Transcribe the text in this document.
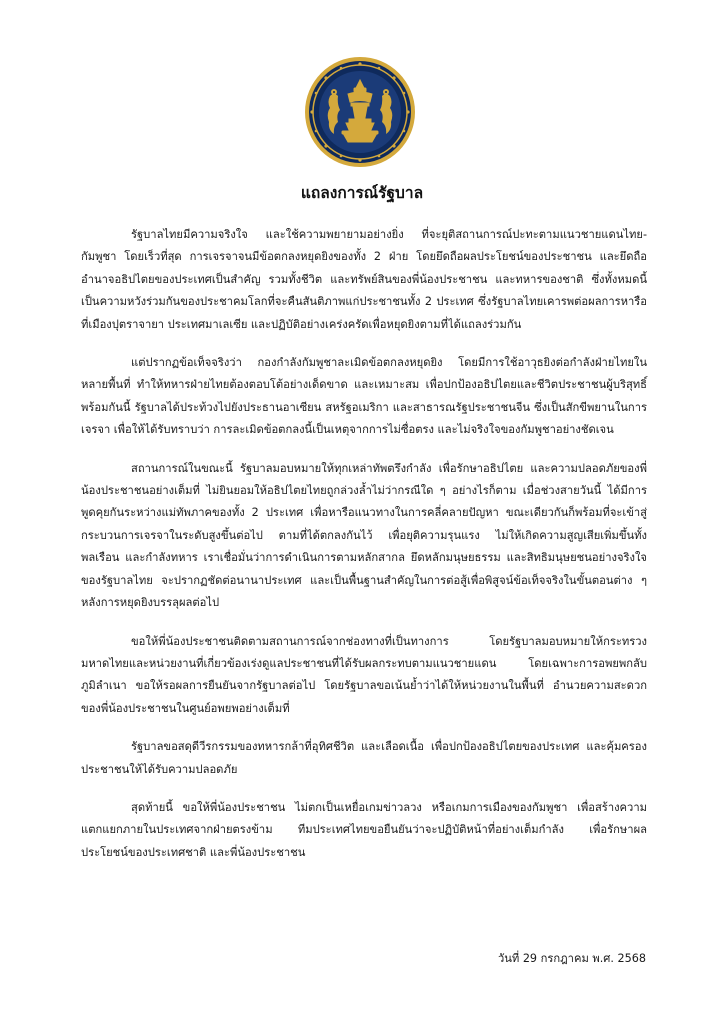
แถลงการณ์รัฐบาล

รัฐบาลไทยมีความจริงใจ และใช้ความพยายามอย่างยิ่ง ที่จะยุติสถานการณ์ปะทะตามแนวชายแดนไทย-กัมพูชา โดยเร็วที่สุด การเจรจาจนมีข้อตกลงหยุดยิงของทั้ง 2 ฝ่าย โดยยึดถือผลประโยชน์ของประชาชน และยึดถืออำนาจอธิปไตยของประเทศเป็นสำคัญ รวมทั้งชีวิต และทรัพย์สินของพี่น้องประชาชน และทหารของชาติ ซึ่งทั้งหมดนี้เป็นความหวังร่วมกันของประชาคมโลกที่จะคืนสันติภาพแก่ประชาชนทั้ง 2 ประเทศ ซึ่งรัฐบาลไทยเคารพต่อผลการหารือที่เมืองปุตราจายา ประเทศมาเลเซีย และปฏิบัติอย่างเคร่งครัดเพื่อหยุดยิงตามที่ได้แถลงร่วมกัน

แต่ปรากฏข้อเท็จจริงว่า กองกำลังกัมพูชาละเมิดข้อตกลงหยุดยิง โดยมีการใช้อาวุธยิงต่อกำลังฝ่ายไทยในหลายพื้นที่ ทำให้ทหารฝ่ายไทยต้องตอบโต้อย่างเด็ดขาด และเหมาะสม เพื่อปกป้องอธิปไตยและชีวิตประชาชนผู้บริสุทธิ์ พร้อมกันนี้ รัฐบาลได้ประท้วงไปยังประธานอาเซียน สหรัฐอเมริกา และสาธารณรัฐประชาชนจีน ซึ่งเป็นสักขีพยานในการเจรจา เพื่อให้ได้รับทราบว่า การละเมิดข้อตกลงนี้เป็นเหตุจากการไม่ซื่อตรง และไม่จริงใจของกัมพูชาอย่างชัดเจน

สถานการณ์ในขณะนี้ รัฐบาลมอบหมายให้ทุกเหล่าทัพตรึงกำลัง เพื่อรักษาอธิปไตย และความปลอดภัยของพี่น้องประชาชนอย่างเต็มที่ ไม่ยินยอมให้อธิปไตยไทยถูกล่วงล้ำไม่ว่ากรณีใด ๆ อย่างไรก็ตาม เมื่อช่วงสายวันนี้ ได้มีการพูดคุยกันระหว่างแม่ทัพภาคของทั้ง 2 ประเทศ เพื่อหารือแนวทางในการคลี่คลายปัญหา ขณะเดียวกันก็พร้อมที่จะเข้าสู่กระบวนการเจรจาในระดับสูงขึ้นต่อไป ตามที่ได้ตกลงกันไว้ เพื่อยุติความรุนแรง ไม่ให้เกิดความสูญเสียเพิ่มขึ้นทั้งพลเรือน และกำลังทหาร เราเชื่อมั่นว่าการดำเนินการตามหลักสากล ยึดหลักมนุษยธรรม และสิทธิมนุษยชนอย่างจริงใจของรัฐบาลไทย จะปรากฏชัดต่อนานาประเทศ และเป็นพื้นฐานสำคัญในการต่อสู้เพื่อพิสูจน์ข้อเท็จจริงในขั้นตอนต่าง ๆ หลังการหยุดยิงบรรลุผลต่อไป

ขอให้พี่น้องประชาชนติดตามสถานการณ์จากช่องทางที่เป็นทางการ โดยรัฐบาลมอบหมายให้กระทรวงมหาดไทยและหน่วยงานที่เกี่ยวข้องเร่งดูแลประชาชนที่ได้รับผลกระทบตามแนวชายแดน โดยเฉพาะการอพยพกลับภูมิลำเนา ขอให้รอผลการยืนยันจากรัฐบาลต่อไป โดยรัฐบาลขอเน้นย้ำว่าได้ให้หน่วยงานในพื้นที่ อำนวยความสะดวกของพี่น้องประชาชนในศูนย์อพยพอย่างเต็มที่

รัฐบาลขอสดุดีวีรกรรมของทหารกล้าที่อุทิศชีวิต และเลือดเนื้อ เพื่อปกป้องอธิปไตยของประเทศ และคุ้มครองประชาชนให้ได้รับความปลอดภัย

สุดท้ายนี้ ขอให้พี่น้องประชาชน ไม่ตกเป็นเหยื่อเกมข่าวลวง หรือเกมการเมืองของกัมพูชา เพื่อสร้างความแตกแยกภายในประเทศจากฝ่ายตรงข้าม ทีมประเทศไทยขอยืนยันว่าจะปฏิบัติหน้าที่อย่างเต็มกำลัง เพื่อรักษาผลประโยชน์ของประเทศชาติ และพี่น้องประชาชน

วันที่ 29 กรกฎาคม พ.ศ. 2568
